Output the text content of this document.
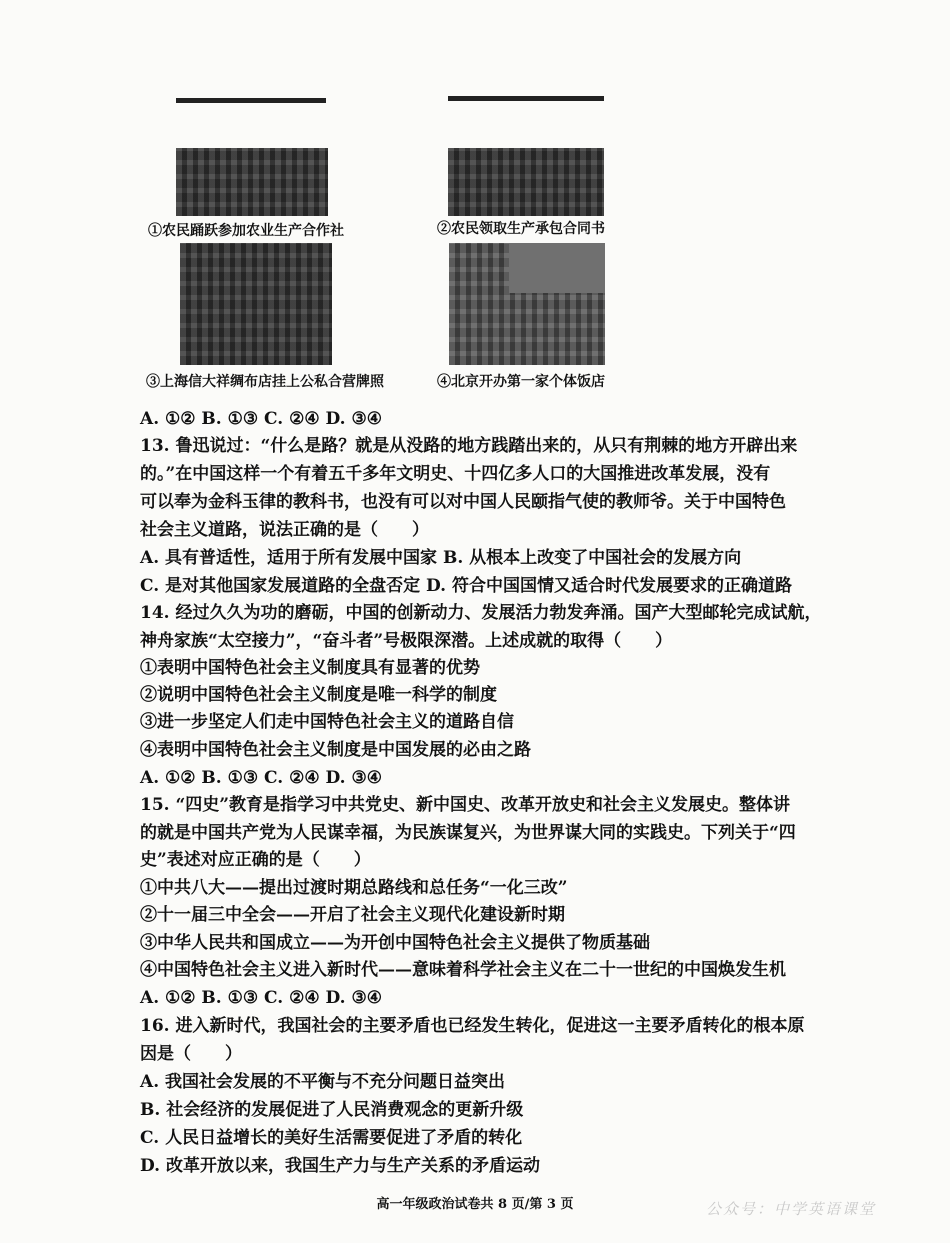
①农民踊跃参加农业生产合作社	②农民领取生产承包合同书
③上海信大祥绸布店挂上公私合营牌照	④北京开办第一家个体饭店
A. ①② B. ①③ C. ②④ D. ③④
13. 鲁迅说过：“什么是路？就是从没路的地方践踏出来的，从只有荆棘的地方开辟出来
的。”在中国这样一个有着五千多年文明史、十四亿多人口的大国推进改革发展，没有
可以奉为金科玉律的教科书，也没有可以对中国人民颐指气使的教师爷。关于中国特色
社会主义道路，说法正确的是（　　）
A. 具有普适性，适用于所有发展中国家 B. 从根本上改变了中国社会的发展方向
C. 是对其他国家发展道路的全盘否定 D. 符合中国国情又适合时代发展要求的正确道路
14. 经过久久为功的磨砺，中国的创新动力、发展活力勃发奔涌。国产大型邮轮完成试航，
神舟家族“太空接力”，“奋斗者”号极限深潜。上述成就的取得（　　）
①表明中国特色社会主义制度具有显著的优势
②说明中国特色社会主义制度是唯一科学的制度
③进一步坚定人们走中国特色社会主义的道路自信
④表明中国特色社会主义制度是中国发展的必由之路
A. ①② B. ①③ C. ②④ D. ③④
15. “四史”教育是指学习中共党史、新中国史、改革开放史和社会主义发展史。整体讲
的就是中国共产党为人民谋幸福，为民族谋复兴，为世界谋大同的实践史。下列关于“四
史”表述对应正确的是（　　）
①中共八大——提出过渡时期总路线和总任务“一化三改”
②十一届三中全会——开启了社会主义现代化建设新时期
③中华人民共和国成立——为开创中国特色社会主义提供了物质基础
④中国特色社会主义进入新时代——意味着科学社会主义在二十一世纪的中国焕发生机
A. ①② B. ①③ C. ②④ D. ③④
16. 进入新时代，我国社会的主要矛盾也已经发生转化，促进这一主要矛盾转化的根本原
因是（　　）
A. 我国社会发展的不平衡与不充分问题日益突出
B. 社会经济的发展促进了人民消费观念的更新升级
C. 人民日益增长的美好生活需要促进了矛盾的转化
D. 改革开放以来，我国生产力与生产关系的矛盾运动
高一年级政治试卷共 8 页/第 3 页	公众号：中学英语课堂
